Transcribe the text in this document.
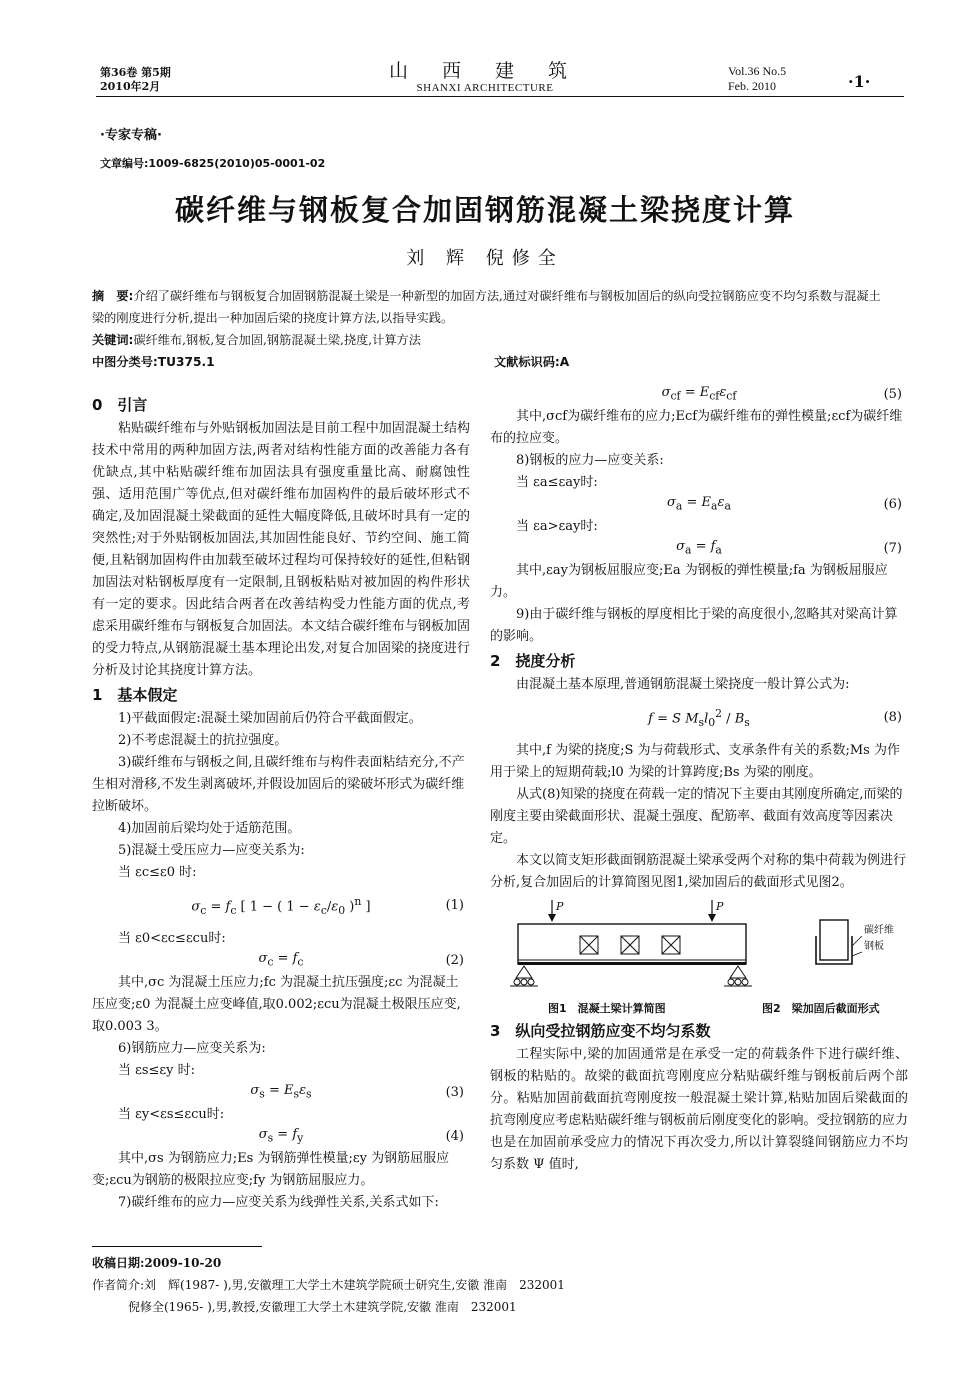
第36卷 第5期
2010年2月
山 西 建 筑
SHANXI ARCHITECTURE
Vol.36 No.5
Feb. 2010	·1·
·专家专稿·
文章编号:1009-6825(2010)05-0001-02
碳纤维与钢板复合加固钢筋混凝土梁挠度计算
刘 辉 倪修全
摘　要:介绍了碳纤维布与钢板复合加固钢筋混凝土梁是一种新型的加固方法,通过对碳纤维布与钢板加固后的纵向受拉钢筋应变不均匀系数与混凝土梁的刚度进行分析,提出一种加固后梁的挠度计算方法,以指导实践。
关键词:碳纤维布,钢板,复合加固,钢筋混凝土梁,挠度,计算方法
中图分类号:TU375.1	文献标识码:A
0　引言

粘贴碳纤维布与外贴钢板加固法是目前工程中加固混凝土结构技术中常用的两种加固方法,两者对结构性能方面的改善能力各有优缺点,其中粘贴碳纤维布加固法具有强度重量比高、耐腐蚀性强、适用范围广等优点,但对碳纤维布加固构件的最后破坏形式不确定,及加固混凝土梁截面的延性大幅度降低,且破坏时具有一定的突然性;对于外贴钢板加固法,其加固性能良好、节约空间、施工简便,且粘钢加固构件由加载至破坏过程均可保持较好的延性,但粘钢加固法对粘钢板厚度有一定限制,且钢板粘贴对被加固的构件形状有一定的要求。因此结合两者在改善结构受力性能方面的优点,考虑采用碳纤维布与钢板复合加固法。本文结合碳纤维布与钢板加固的受力特点,从钢筋混凝土基本理论出发,对复合加固梁的挠度进行分析及讨论其挠度计算方法。

1　基本假定

1)平截面假定:混凝土梁加固前后仍符合平截面假定。

2)不考虑混凝土的抗拉强度。

3)碳纤维布与钢板之间,且碳纤维布与构件表面粘结充分,不产生相对滑移,不发生剥离破坏,并假设加固后的梁破坏形式为碳纤维拉断破坏。

4)加固前后梁均处于适筋范围。

5)混凝土受压应力—应变关系为:

当 εc≤ε0 时:

$\sigma_c = f_c$ [ 1 − ( $1 - \varepsilon_c/\varepsilon_0$ )$^n$ ]	(1)

当 ε0<εc≤εcu时:

$\sigma_c = f_c$	(2)

其中,σc 为混凝土压应力;fc 为混凝土抗压强度;εc 为混凝土压应变;ε0 为混凝土应变峰值,取0.002;εcu为混凝土极限压应变,取0.003 3。

6)钢筋应力—应变关系为:

当 εs≤εy 时:

$\sigma_s = E_s\varepsilon_s$	(3)

当 εy<εs≤εcu时:

$\sigma_s = f_y$	(4)

其中,σs 为钢筋应力;Es 为钢筋弹性模量;εy 为钢筋屈服应变;εcu为钢筋的极限拉应变;fy 为钢筋屈服应力。

7)碳纤维布的应力—应变关系为线弹性关系,关系式如下:

$\sigma_{cf} = E_{cf}\varepsilon_{cf}$	(5)

其中,σcf为碳纤维布的应力;Ecf为碳纤维布的弹性模量;εcf为碳纤维布的拉应变。

8)钢板的应力—应变关系:

当 εa≤εay时:

$\sigma_a = E_a\varepsilon_a$	(6)

当 εa>εay时:

$\sigma_a = f_a$	(7)

其中,εay为钢板屈服应变;Ea 为钢板的弹性模量;fa 为钢板屈服应力。

9)由于碳纤维与钢板的厚度相比于梁的高度很小,忽略其对梁高计算的影响。

2　挠度分析

由混凝土基本原理,普通钢筋混凝土梁挠度一般计算公式为:

f = S $M_sl_0^2 / B_s$	(8)

其中,f 为梁的挠度;S 为与荷载形式、支承条件有关的系数;Ms 为作用于梁上的短期荷载;l0 为梁的计算跨度;Bs 为梁的刚度。

从式(8)知梁的挠度在荷载一定的情况下主要由其刚度所确定,而梁的刚度主要由梁截面形状、混凝土强度、配筋率、截面有效高度等因素决定。

本文以简支矩形截面钢筋混凝土梁承受两个对称的集中荷载为例进行分析,复合加固后的计算简图见图1,梁加固后的截面形式见图2。

P	P
碳纤维
钢板
图1　混凝土梁计算简图	图2　梁加固后截面形式
3　纵向受拉钢筋应变不均匀系数

工程实际中,梁的加固通常是在承受一定的荷载条件下进行碳纤维、钢板的粘贴的。故梁的截面抗弯刚度应分粘贴碳纤维与钢板前后两个部分。粘贴加固前截面抗弯刚度按一般混凝土梁计算,粘贴加固后梁截面的抗弯刚度应考虑粘贴碳纤维与钢板前后刚度变化的影响。受拉钢筋的应力也是在加固前承受应力的情况下再次受力,所以计算裂缝间钢筋应力不均匀系数 Ψ 值时,

收稿日期:2009-10-20
作者简介:刘　辉(1987- ),男,安徽理工大学土木建筑学院硕士研究生,安徽 淮南　232001
倪修全(1965- ),男,教授,安徽理工大学土木建筑学院,安徽 淮南　232001
